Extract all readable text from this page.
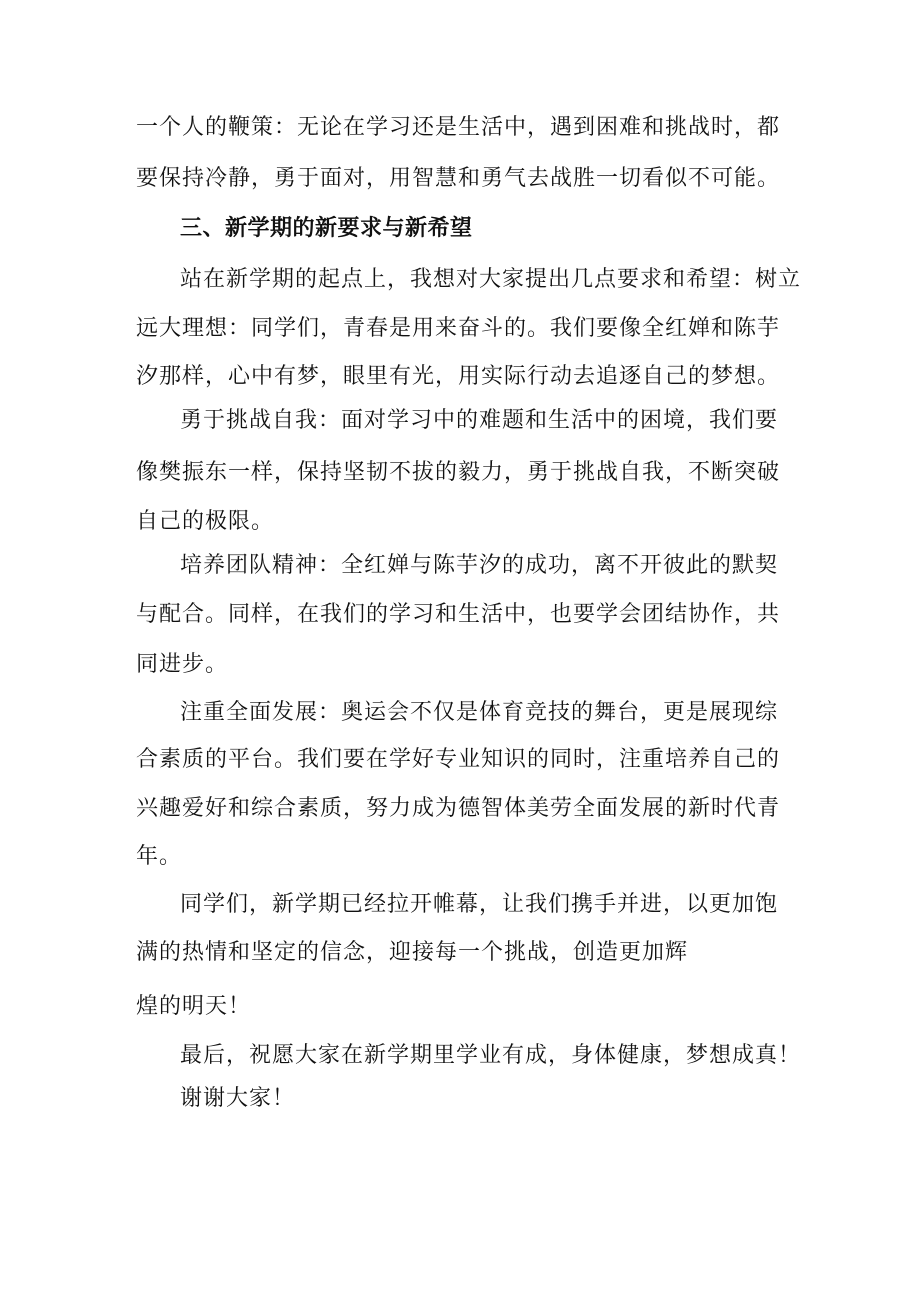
一个人的鞭策：无论在学习还是生活中，遇到困难和挑战时，都

要保持冷静，勇于面对，用智慧和勇气去战胜一切看似不可能。

三、新学期的新要求与新希望

站在新学期的起点上，我想对大家提出几点要求和希望：树立

远大理想：同学们，青春是用来奋斗的。我们要像全红婵和陈芋

汐那样，心中有梦，眼里有光，用实际行动去追逐自己的梦想。

勇于挑战自我：面对学习中的难题和生活中的困境，我们要

像樊振东一样，保持坚韧不拔的毅力，勇于挑战自我，不断突破

自己的极限。

培养团队精神：全红婵与陈芋汐的成功，离不开彼此的默契

与配合。同样，在我们的学习和生活中，也要学会团结协作，共

同进步。

注重全面发展：奥运会不仅是体育竞技的舞台，更是展现综

合素质的平台。我们要在学好专业知识的同时，注重培养自己的

兴趣爱好和综合素质，努力成为德智体美劳全面发展的新时代青

年。

同学们，新学期已经拉开帷幕，让我们携手并进，以更加饱

满的热情和坚定的信念，迎接每一个挑战，创造更加辉

煌的明天！

最后，祝愿大家在新学期里学业有成，身体健康，梦想成真！

谢谢大家！
